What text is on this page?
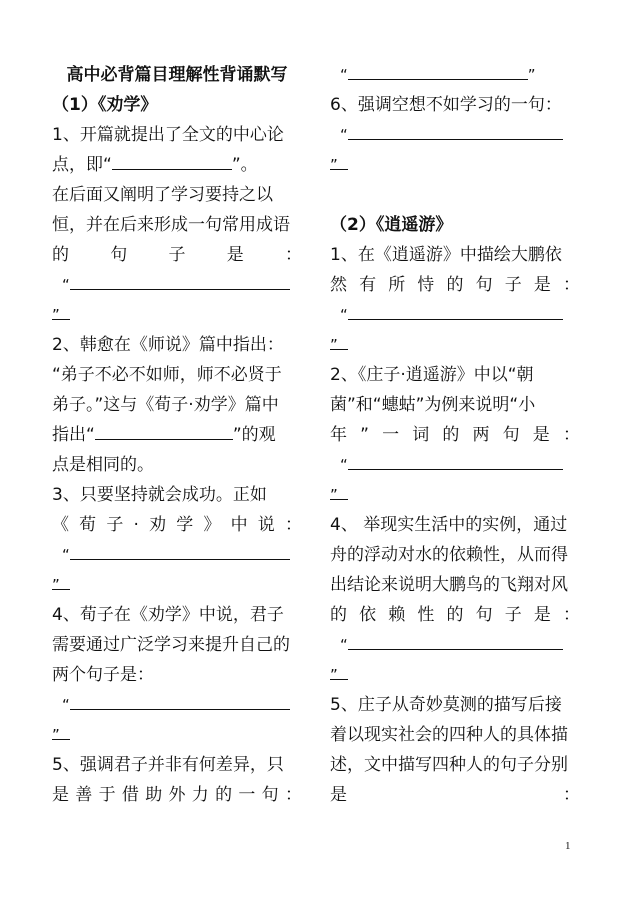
高中必背篇目理解性背诵默写
（1）《劝学》
1、开篇就提出了全文的中心论
点，即“	”。
在后面又阐明了学习要持之以
恒，并在后来形成一句常用成语
的 句 子 是 ：
“
”
2、韩愈在《师说》篇中指出：
“弟子不必不如师，师不必贤于
弟子。”这与《荀子·劝学》篇中
指出“	”的观
点是相同的。
3、只要坚持就会成功。正如
《 荀 子 · 劝 学 》 中 说 ：
“
”
4、荀子在《劝学》中说，君子
需要通过广泛学习来提升自己的
两个句子是：
“
”
5、强调君子并非有何差异，只
是 善 于 借 助 外 力 的 一 句 ：
“	”
6、强调空想不如学习的一句：
“
”
（2）《逍遥游》
1、在《逍遥游》中描绘大鹏依
然 有 所 恃 的 句 子 是 ：
“
”
2、《庄子·逍遥游》中以“朝
菌”和“蟪蛄”为例来说明“小
年 ” 一 词 的 两 句 是 ：
“
”
4、 举现实生活中的实例，通过
舟的浮动对水的依赖性，从而得
出结论来说明大鹏鸟的飞翔对风
的 依 赖 性 的 句 子 是 ：
“
”
5、庄子从奇妙莫测的描写后接
着以现实社会的四种人的具体描
述，文中描写四种人的句子分别
是	：
1
